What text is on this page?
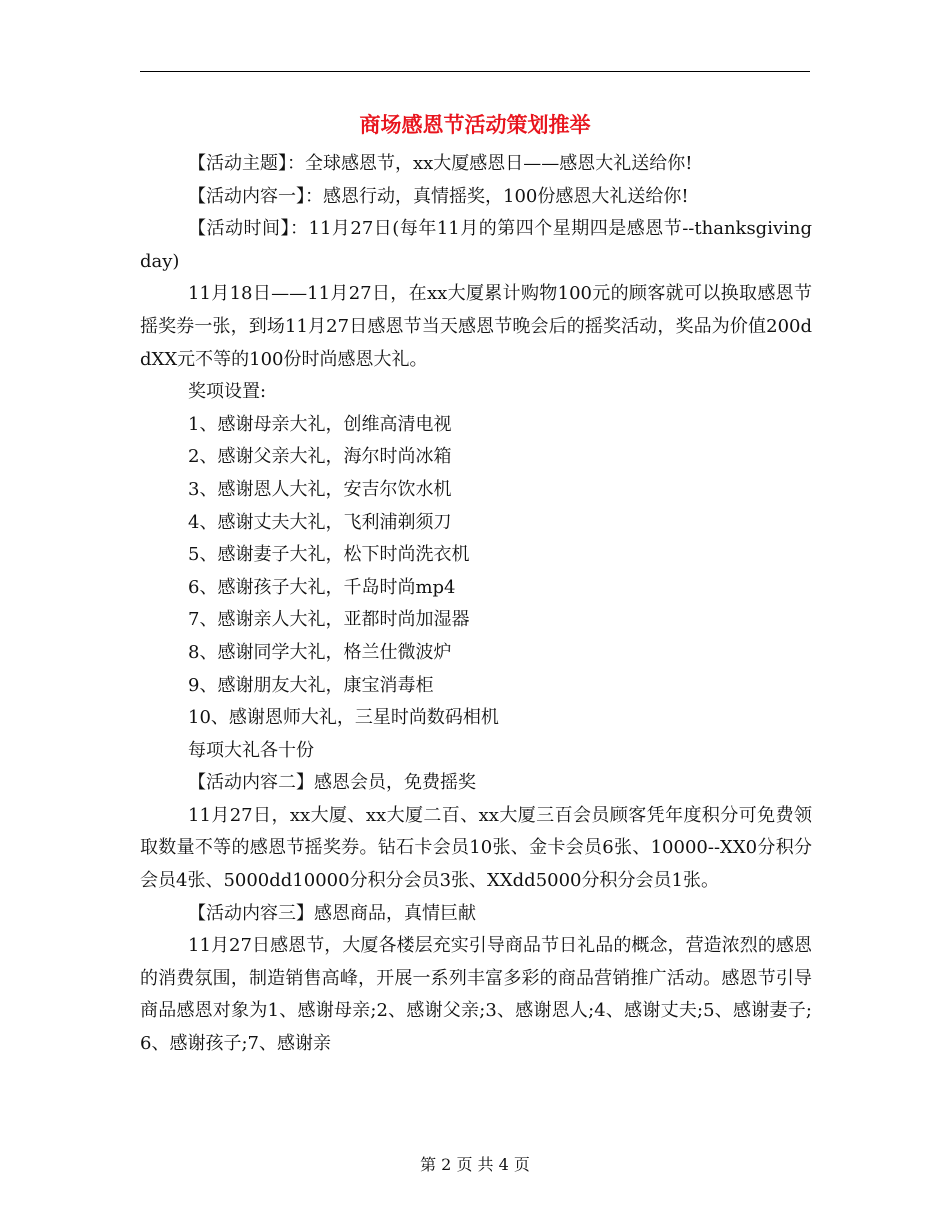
商场感恩节活动策划推举

【活动主题】：全球感恩节，xx大厦感恩日——感恩大礼送给你!

【活动内容一】：感恩行动，真情摇奖，100份感恩大礼送给你!

【活动时间】：11月27日(每年11月的第四个星期四是感恩节--thanksgiving day)

11月18日——11月27日，在xx大厦累计购物100元的顾客就可以换取感恩节摇奖券一张，到场11月27日感恩节当天感恩节晚会后的摇奖活动，奖品为价值200ddXX元不等的100份时尚感恩大礼。

奖项设置:

1、感谢母亲大礼，创维高清电视

2、感谢父亲大礼，海尔时尚冰箱

3、感谢恩人大礼，安吉尔饮水机

4、感谢丈夫大礼，飞利浦剃须刀

5、感谢妻子大礼，松下时尚洗衣机

6、感谢孩子大礼，千岛时尚mp4

7、感谢亲人大礼，亚都时尚加湿器

8、感谢同学大礼，格兰仕微波炉

9、感谢朋友大礼，康宝消毒柜

10、感谢恩师大礼，三星时尚数码相机

每项大礼各十份

【活动内容二】感恩会员，免费摇奖

11月27日，xx大厦、xx大厦二百、xx大厦三百会员顾客凭年度积分可免费领取数量不等的感恩节摇奖券。钻石卡会员10张、金卡会员6张、10000--XX0分积分会员4张、5000dd10000分积分会员3张、XXdd5000分积分会员1张。

【活动内容三】感恩商品，真情巨献

11月27日感恩节，大厦各楼层充实引导商品节日礼品的概念，营造浓烈的感恩的消费氛围，制造销售高峰，开展一系列丰富多彩的商品营销推广活动。感恩节引导商品感恩对象为1、感谢母亲;2、感谢父亲;3、感谢恩人;4、感谢丈夫;5、感谢妻子;6、感谢孩子;7、感谢亲

第 2 页 共 4 页
